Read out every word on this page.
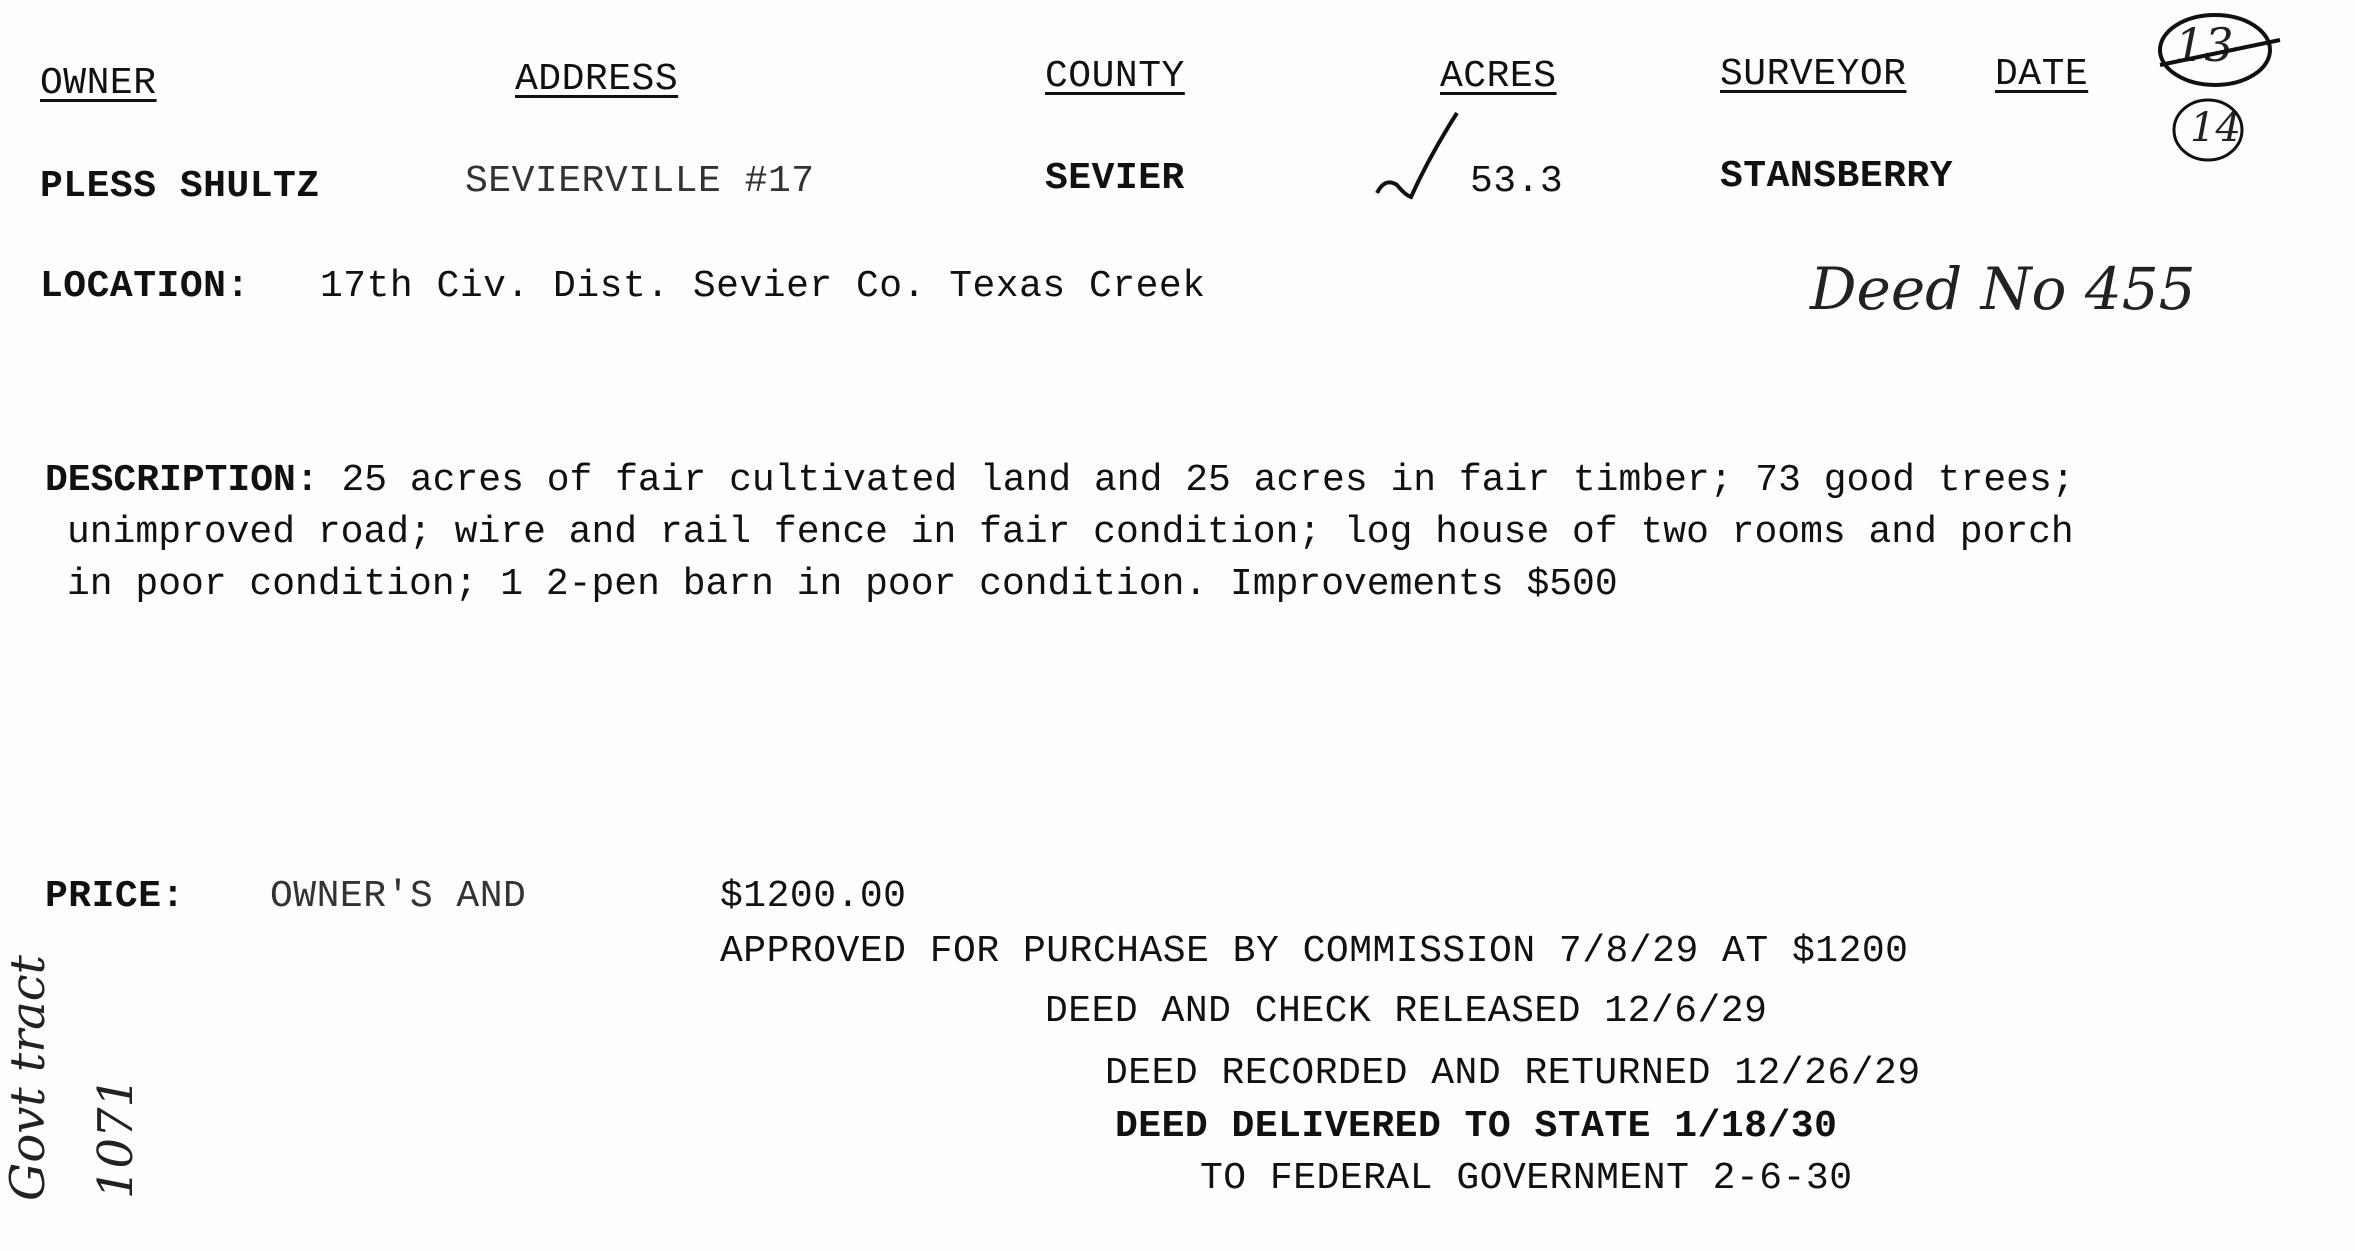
OWNER	ADDRESS	COUNTY	ACRES	SURVEYOR DATE
13
14
PLESS SHULTZ	SEVIERVILLE #17	SEVIER	53.3	STANSBERRY
LOCATION: 17th Civ. Dist. Sevier Co. Texas Creek	Deed No 455
DESCRIPTION: 25 acres of fair cultivated land and 25 acres in fair timber; 73 good trees;
unimproved road; wire and rail fence in fair condition; log house of two rooms and porch
in poor condition; 1 2-pen barn in poor condition. Improvements $500
PRICE: OWNER'S AND	$1200.00
APPROVED FOR PURCHASE BY COMMISSION 7/8/29 AT $1200
DEED AND CHECK RELEASED 12/6/29
DEED RECORDED AND RETURNED 12/26/29
DEED DELIVERED TO STATE 1/18/30
TO FEDERAL GOVERNMENT 2-6-30
Govt tract 1071
